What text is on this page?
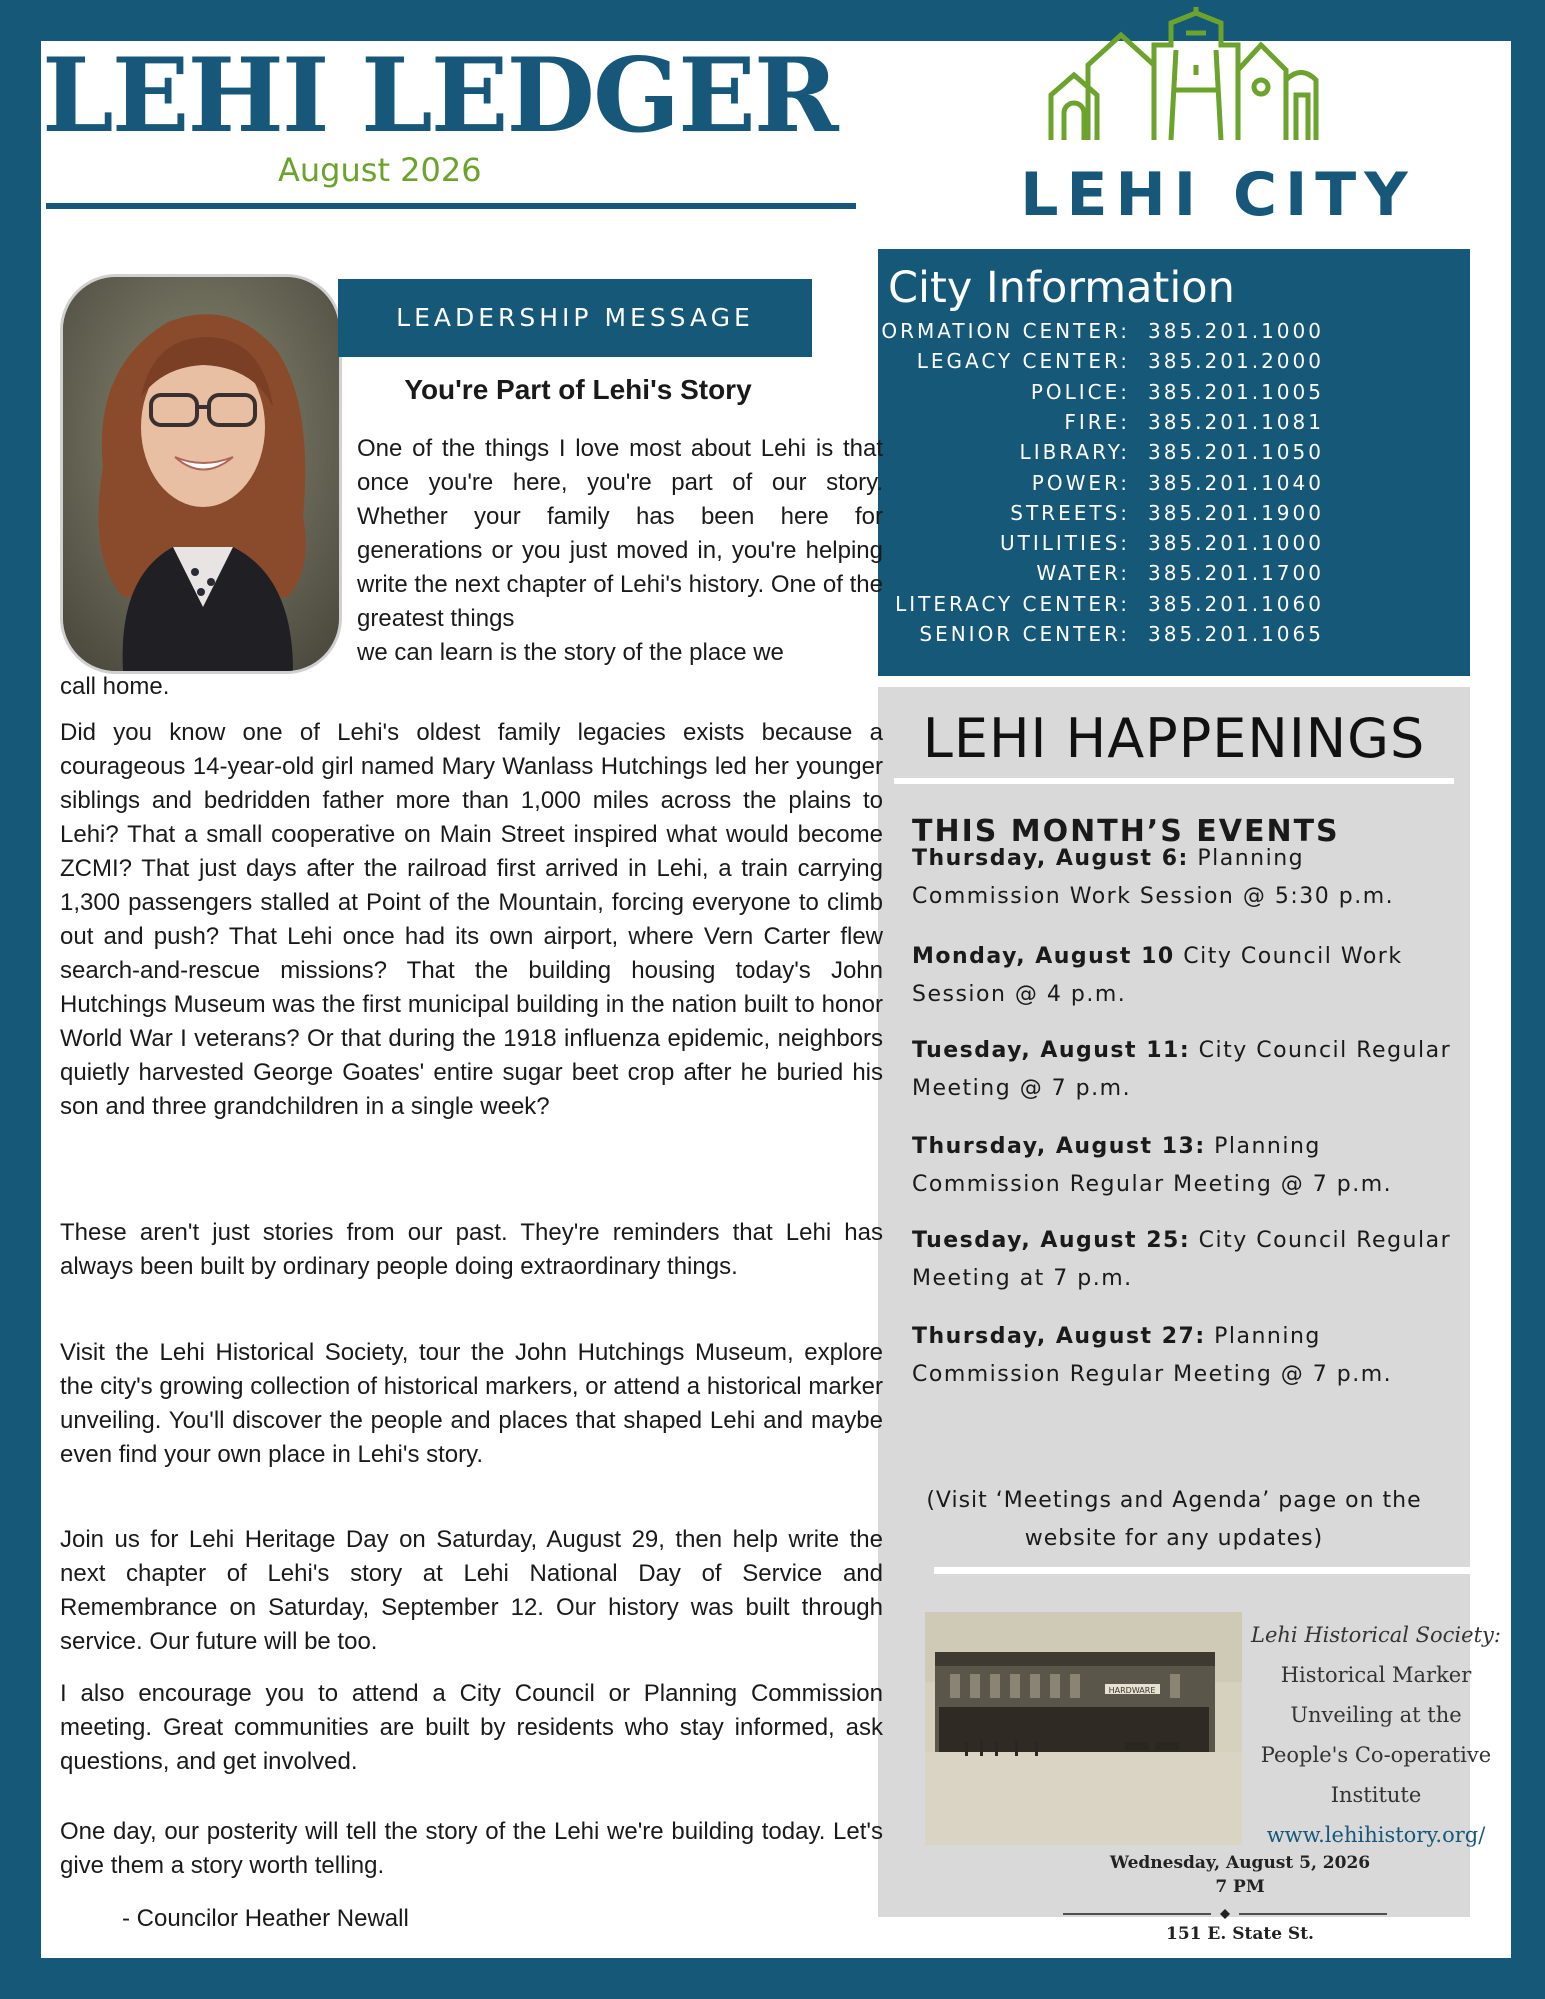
LEHI LEDGER
August 2026	LEHI CITY
City Information
INFORMATION CENTER: 385.201.1000
LEGACY CENTER: 385.201.2000
POLICE: 385.201.1005
FIRE: 385.201.1081
LIBRARY: 385.201.1050
POWER: 385.201.1040
STREETS: 385.201.1900
UTILITIES: 385.201.1000
WATER: 385.201.1700
LITERACY CENTER: 385.201.1060
SENIOR CENTER: 385.201.1065
LEHI HAPPENINGS
THIS MONTH’S EVENTS
Thursday, August 6: Planning Commission Work Session @ 5:30 p.m.
Monday, August 10 City Council Work Session @ 4 p.m.
Tuesday, August 11: City Council Regular Meeting @ 7 p.m.
Thursday, August 13: Planning Commission Regular Meeting @ 7 p.m.
Tuesday, August 25: City Council Regular Meeting at 7 p.m.
Thursday, August 27: Planning Commission Regular Meeting @ 7 p.m.
(Visit ‘Meetings and Agenda’ page on the website for any updates)
HARDWARE
Lehi Historical Society:
Historical Marker
Unveiling at the
People's Co-operative
Institute
www.lehihistory.org/
Wednesday, August 5, 2026
7 PM
151 E. State St.
LEADERSHIP MESSAGE
You're Part of Lehi's Story
One of the things I love most about Lehi is that once you're here, you're part of our story. Whether your family has been here for generations or you just moved in, you're helping write the next chapter of Lehi's history. One of the greatest things
we can learn is the story of the place we
call home.
Did you know one of Lehi's oldest family legacies exists because a courageous 14-year-old girl named Mary Wanlass Hutchings led her younger siblings and bedridden father more than 1,000 miles across the plains to Lehi? That a small cooperative on Main Street inspired what would become ZCMI? That just days after the railroad first arrived in Lehi, a train carrying 1,300 passengers stalled at Point of the Mountain, forcing everyone to climb out and push? That Lehi once had its own airport, where Vern Carter flew search-and-rescue missions? That the building housing today's John Hutchings Museum was the first municipal building in the nation built to honor World War I veterans? Or that during the 1918 influenza epidemic, neighbors quietly harvested George Goates' entire sugar beet crop after he buried his son and three grandchildren in a single week?
These aren't just stories from our past. They're reminders that Lehi has always been built by ordinary people doing extraordinary things.
Visit the Lehi Historical Society, tour the John Hutchings Museum, explore the city's growing collection of historical markers, or attend a historical marker unveiling. You'll discover the people and places that shaped Lehi and maybe even find your own place in Lehi's story.
Join us for Lehi Heritage Day on Saturday, August 29, then help write the next chapter of Lehi's story at Lehi National Day of Service and Remembrance on Saturday, September 12. Our history was built through service. Our future will be too.
I also encourage you to attend a City Council or Planning Commission meeting. Great communities are built by residents who stay informed, ask questions, and get involved.
One day, our posterity will tell the story of the Lehi we're building today. Let's give them a story worth telling.
- Councilor Heather Newall
